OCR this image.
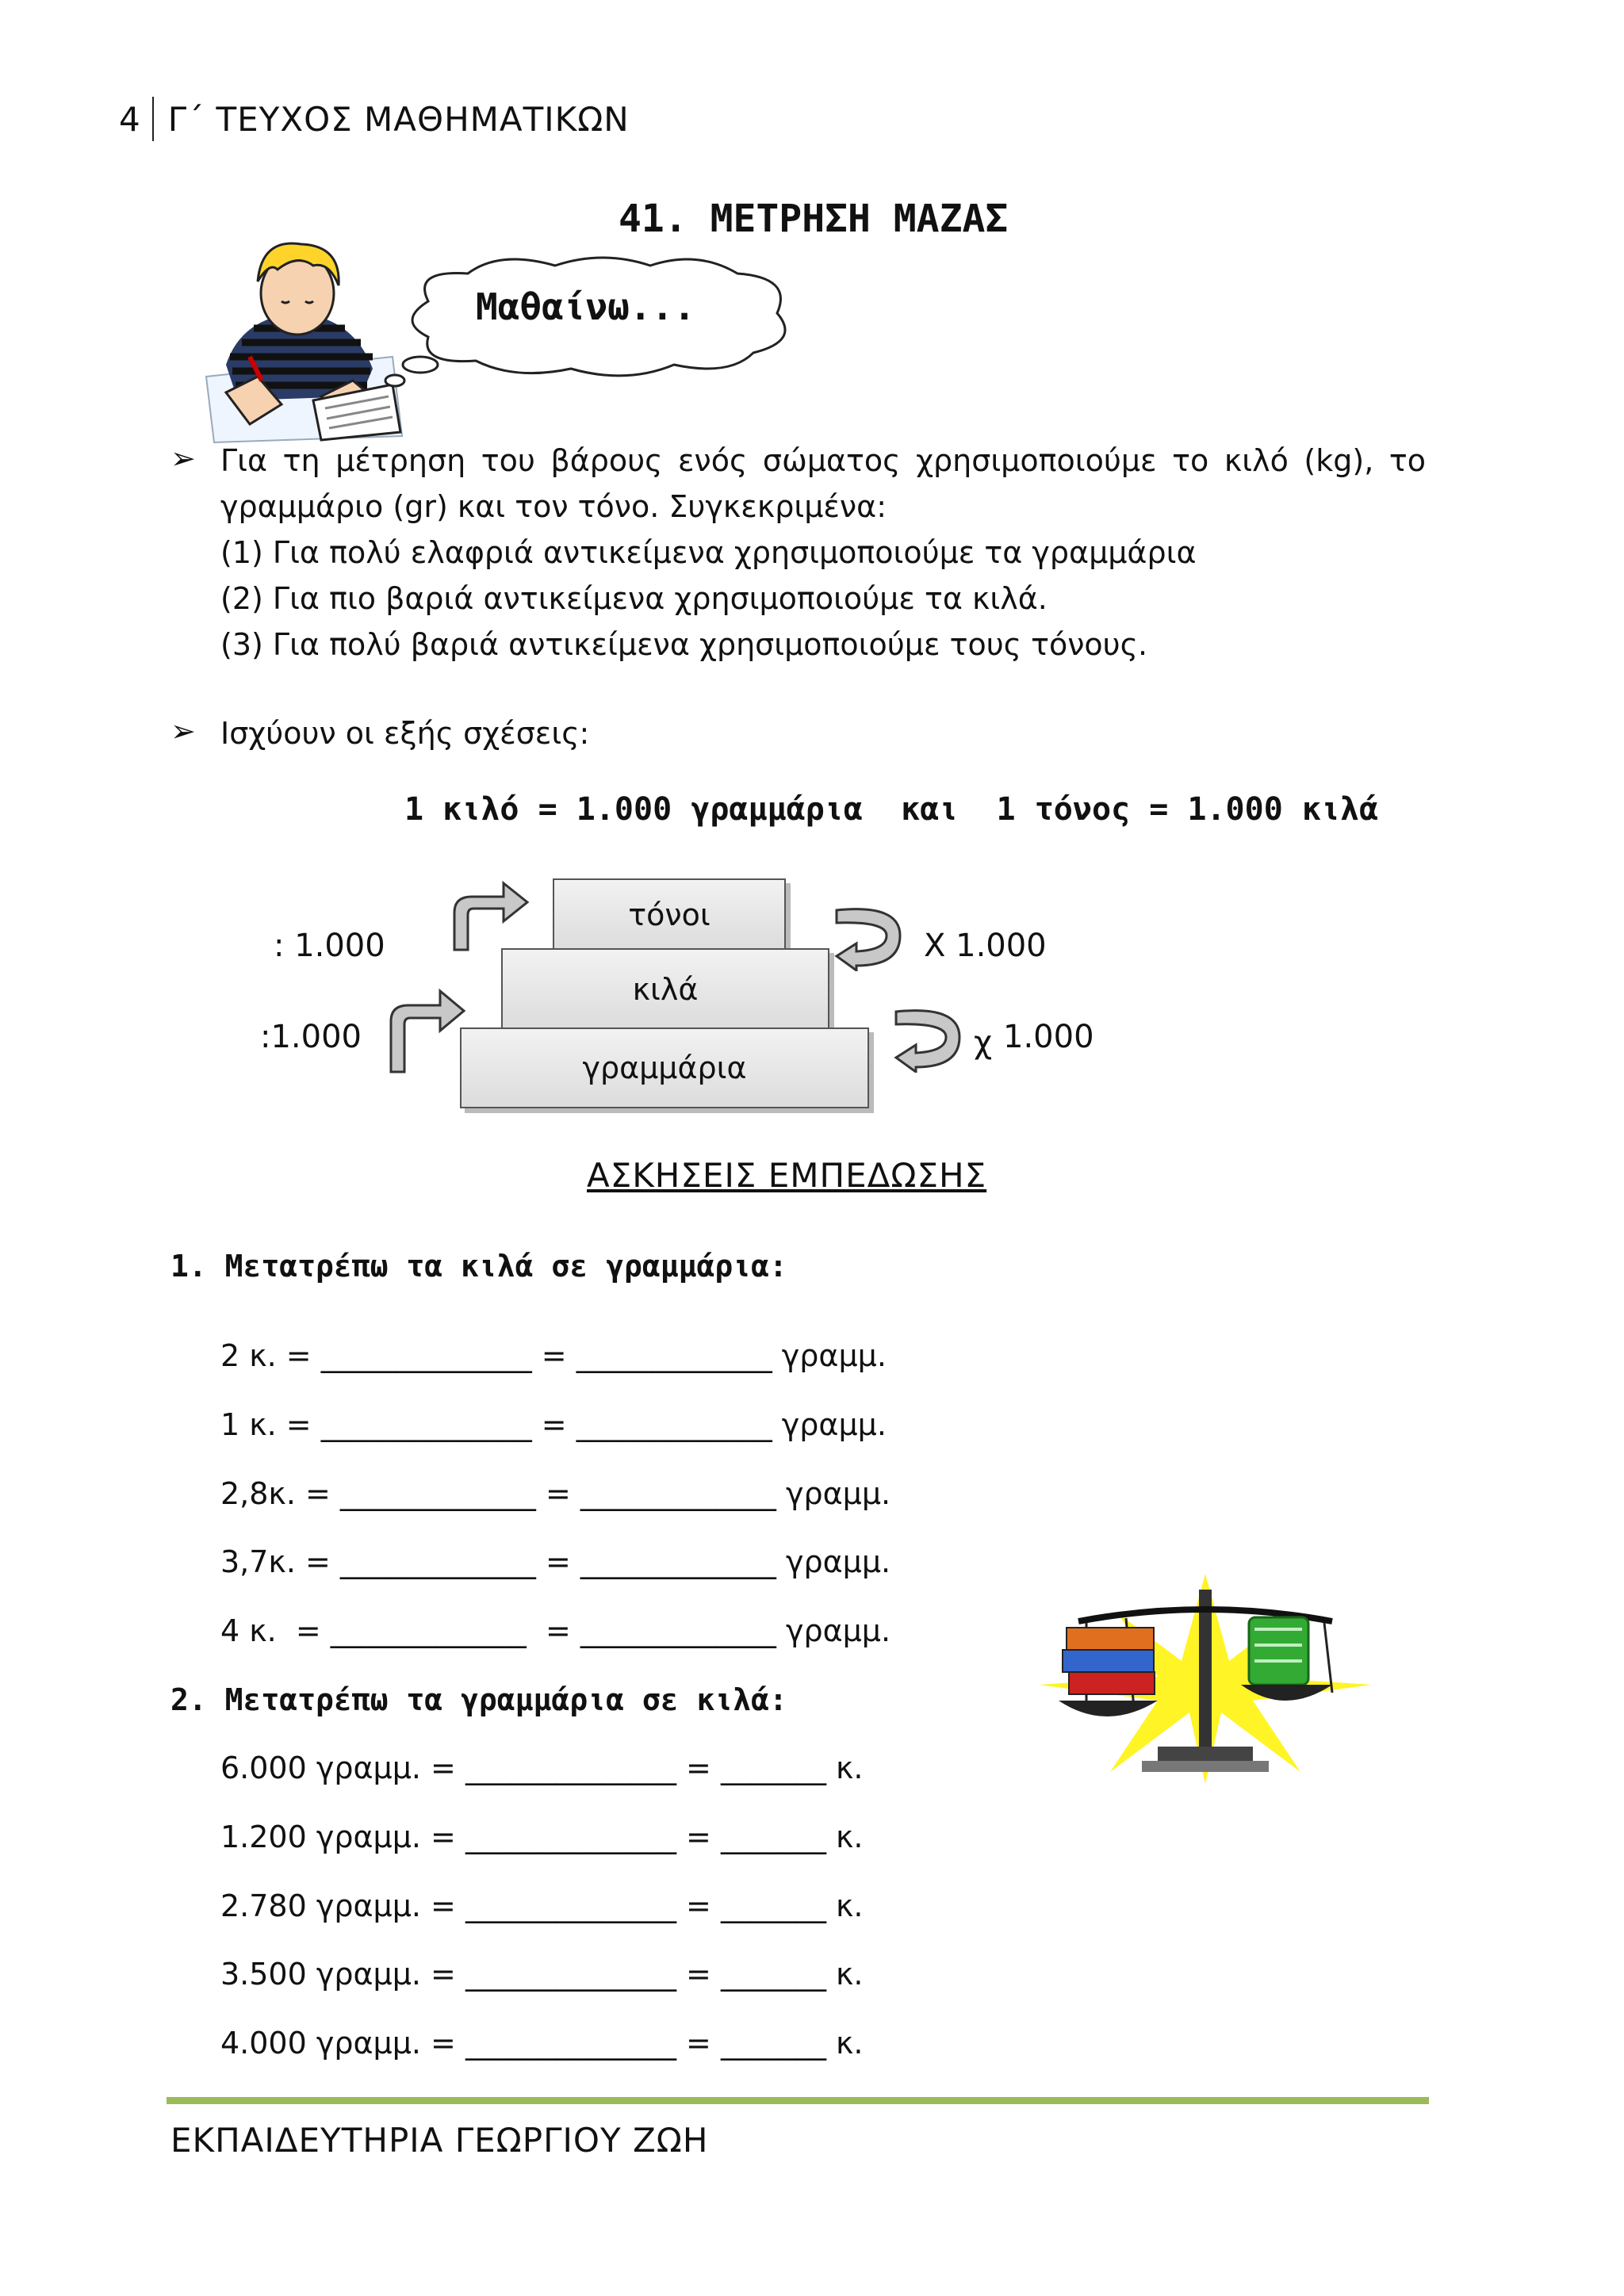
4 Γ΄ ΤΕΥΧΟΣ ΜΑΘΗΜΑΤΙΚΩΝ
41. ΜΕΤΡΗΣΗ ΜΑΖΑΣ
Μαθαίνω...
➢ Για τη μέτρηση του βάρους ενός σώματος χρησιμοποιούμε το κιλό (kg), το
γραμμάριο (gr) και τον τόνο. Συγκεκριμένα:
(1) Για πολύ ελαφριά αντικείμενα χρησιμοποιούμε τα γραμμάρια
(2) Για πιο βαριά αντικείμενα χρησιμοποιούμε τα κιλά.
(3) Για πολύ βαριά αντικείμενα χρησιμοποιούμε τους τόνους.
➢ Ισχύουν οι εξής σχέσεις:
1 κιλό = 1.000 γραμμάρια  και  1 τόνος = 1.000 κιλά
τόνοι
κιλά
γραμμάρια
: 1.000
:1.000
Χ 1.000
χ 1.000
ΑΣΚΗΣΕΙΣ ΕΜΠΕΔΩΣΗΣ
1. Μετατρέπω τα κιλά σε γραμμάρια:
2 κ. = ______________ = _____________ γραμμ.
1 κ. = ______________ = _____________ γραμμ.
2,8κ. = _____________ = _____________ γραμμ.
3,7κ. = _____________ = _____________ γραμμ.
4 κ.  = _____________  = _____________ γραμμ.
2. Μετατρέπω τα γραμμάρια σε κιλά:
6.000 γραμμ. = ______________ = _______ κ.
1.200 γραμμ. = ______________ = _______ κ.
2.780 γραμμ. = ______________ = _______ κ.
3.500 γραμμ. = ______________ = _______ κ.
4.000 γραμμ. = ______________ = _______ κ.
ΕΚΠΑΙΔΕΥΤΗΡΙΑ ΓΕΩΡΓΙΟΥ ΖΩΗ
